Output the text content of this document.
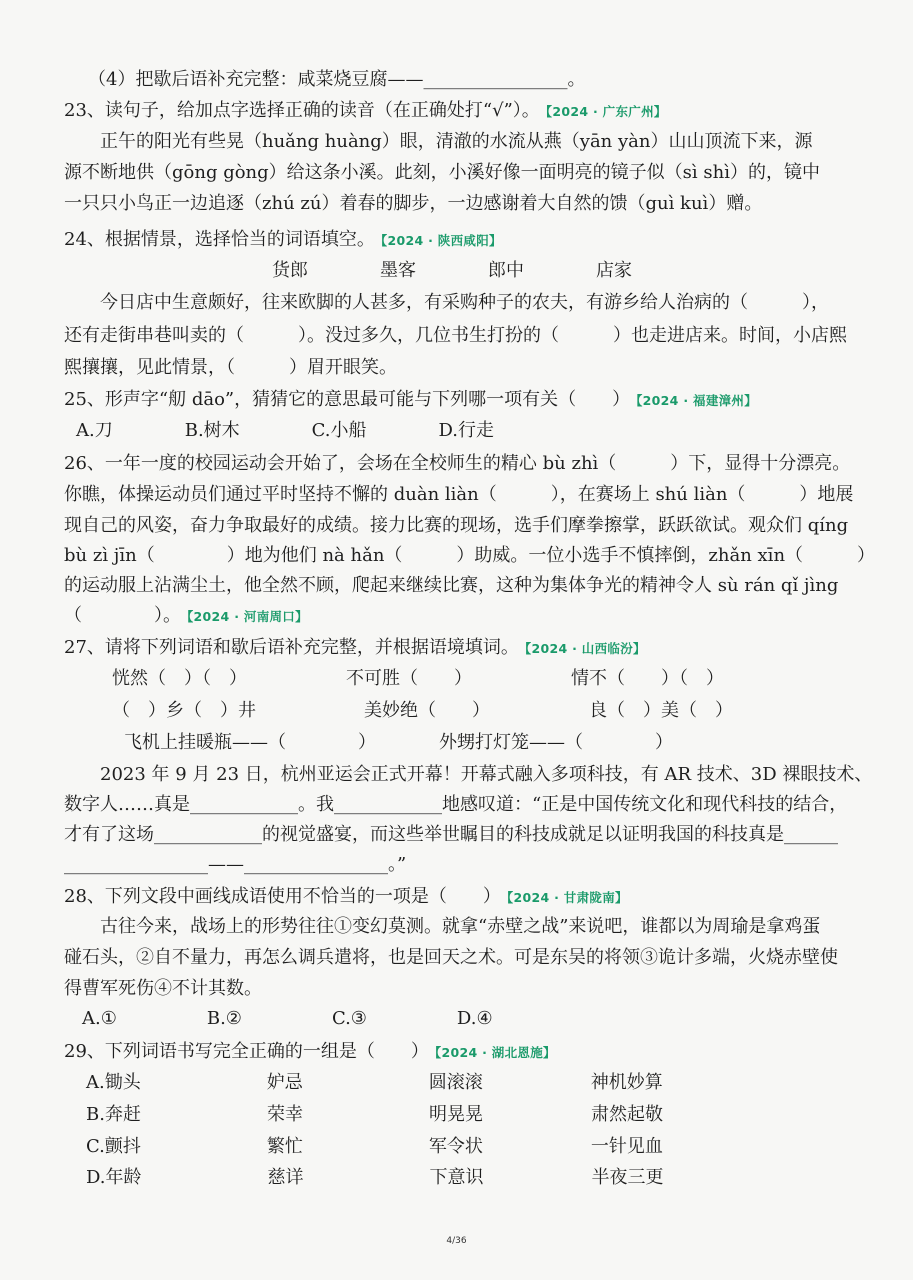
（4）把歇后语补充完整：咸菜烧豆腐——________________。
23、读句子，给加点字选择正确的读音（在正确处打“√”）。 【2024 · 广东广州】
　　正午的阳光有些晃（huǎng huàng）眼，清澈的水流从燕（yān yàn）山山顶流下来，源
源不断地供（gōng gòng）给这条小溪。此刻，小溪好像一面明亮的镜子似（sì shì）的，镜中
一只只小鸟正一边追逐（zhú zú）着春的脚步，一边感谢着大自然的馈（guì kuì）赠。
24、根据情景，选择恰当的词语填空。 【2024 · 陕西咸阳】
货郎　　　　墨客　　　　郎中　　　　店家
　　今日店中生意颇好，往来欧脚的人甚多，有采购种子的农夫，有游乡给人治病的（　　　），
还有走街串巷叫卖的（　　　）。没过多久，几位书生打扮的（　　　）也走进店来。时间，小店熙
熙攘攘，见此情景，（　　　）眉开眼笑。
25、形声字“舠 dāo”，猜猜它的意思最可能与下列哪一项有关（　　） 【2024 · 福建漳州】
A.刀　　　　B.树木　　　　C.小船　　　　D.行走
26、一年一度的校园运动会开始了，会场在全校师生的精心 bù zhì（　　　）下，显得十分漂亮。
你瞧，体操运动员们通过平时坚持不懈的 duàn liàn（　　　），在赛场上 shú liàn（　　　）地展
现自己的风姿，奋力争取最好的成绩。接力比赛的现场，选手们摩拳擦掌，跃跃欲试。观众们 qíng
bù zì jīn（　　　　）地为他们 nà hǎn（　　　）助威。一位小选手不慎摔倒，zhǎn xīn（　　　）
的运动服上沾满尘土，他全然不顾，爬起来继续比赛，这种为集体争光的精神令人 sù rán qǐ jìng
（　　　　）。 【2024 · 河南周口】
27、请将下列词语和歇后语补充完整，并根据语境填词。 【2024 · 山西临汾】
恍然（　）（　）　　　　　　不可胜（　　）　　　　　　情不（　　）（　）
（　）乡（　）井　　　　　　美妙绝（　　）　　　　　　良（　）美（　）
飞机上挂暖瓶——（　　　　）　　　　外甥打灯笼——（　　　　）
　　2023 年 9 月 23 日，杭州亚运会正式开幕！开幕式融入多项科技，有 AR 技术、3D 裸眼技术、
数字人……真是____________。我____________地感叹道：“正是中国传统文化和现代科技的结合，
才有了这场____________的视觉盛宴，而这些举世瞩目的科技成就足以证明我国的科技真是______
________________——________________。”
28、下列文段中画线成语使用不恰当的一项是（　　） 【2024 · 甘肃陇南】
　　古往今来，战场上的形势往往①变幻莫测。就拿“赤壁之战”来说吧，谁都以为周瑜是拿鸡蛋
碰石头，②自不量力，再怎么调兵遣将，也是回天之术。可是东吴的将领③诡计多端，火烧赤壁使
得曹军死伤④不计其数。
A.①　　　　　B.②　　　　　C.③　　　　　D.④
29、下列词语书写完全正确的一组是（　　） 【2024 · 湖北恩施】
A.锄头　　　　　　　妒忌　　　　　　　圆滚滚　　　　　　神机妙算
B.奔赶　　　　　　　荣幸　　　　　　　明晃晃　　　　　　肃然起敬
C.颤抖　　　　　　　繁忙　　　　　　　军令状　　　　　　一针见血
D.年龄　　　　　　　慈详　　　　　　　下意识　　　　　　半夜三更
4/36
